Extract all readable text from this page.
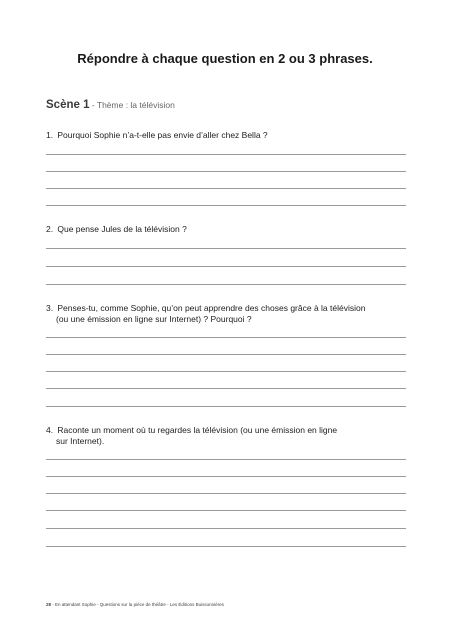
Répondre à chaque question en 2 ou 3 phrases.
Scène 1 - Thème : la télévision
1. Pourquoi Sophie n’a-t-elle pas envie d’aller chez Bella ?
2. Que pense Jules de la télévision ?
3. Penses-tu, comme Sophie, qu’on peut apprendre des choses grâce à la télévision
(ou une émission en ligne sur Internet) ? Pourquoi ?
4. Raconte un moment où tu regardes la télévision (ou une émission en ligne
sur Internet).
28 - En attendant Sophie - Questions sur la pièce de théâtre - Les Éditions Buissonnières
